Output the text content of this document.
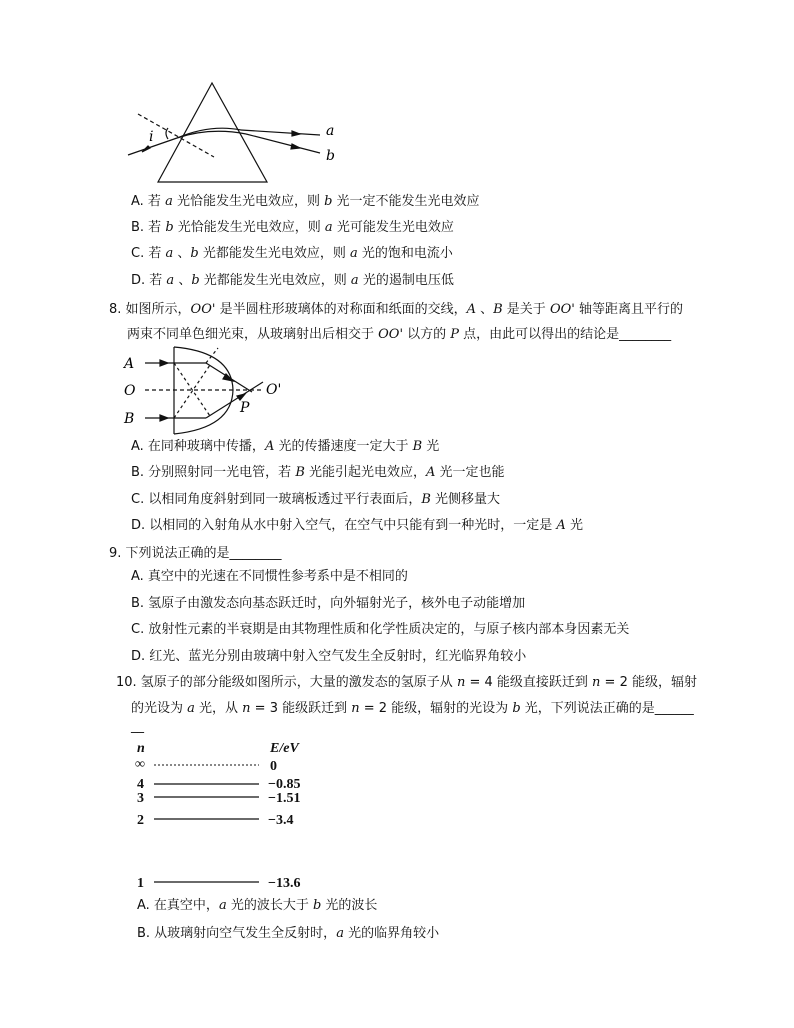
i	a
b
A. 若 a 光恰能发生光电效应，则 b 光一定不能发生光电效应
B. 若 b 光恰能发生光电效应，则 a 光可能发生光电效应
C. 若 a 、b 光都能发生光电效应，则 a 光的饱和电流小
D. 若 a 、b 光都能发生光电效应，则 a 光的遏制电压低
8. 如图所示，OO' 是半圆柱形玻璃体的对称面和纸面的交线，A 、B 是关于 OO' 轴等距离且平行的
两束不同单色细光束，从玻璃射出后相交于 OO' 以方的 P 点，由此可以得出的结论是________
A
O
B
O'
P
A. 在同种玻璃中传播，A 光的传播速度一定大于 B 光
B. 分别照射同一光电管，若 B 光能引起光电效应，A 光一定也能
C. 以相同角度斜射到同一玻璃板透过平行表面后，B 光侧移量大
D. 以相同的入射角从水中射入空气，在空气中只能有到一种光时，一定是 A 光
9. 下列说法正确的是________
A. 真空中的光速在不同惯性参考系中是不相同的
B. 氢原子由激发态向基态跃迁时，向外辐射光子，核外电子动能增加
C. 放射性元素的半衰期是由其物理性质和化学性质决定的，与原子核内部本身因素无关
D. 红光、蓝光分别由玻璃中射入空气发生全反射时，红光临界角较小
10. 氢原子的部分能级如图所示，大量的激发态的氢原子从 n = 4 能级直接跃迁到 n = 2 能级，辐射
的光设为 a 光，从 n = 3 能级跃迁到 n = 2 能级，辐射的光设为 b 光，下列说法正确的是______
__
n	E/eV
∞	0
4	−0.85
3	−1.51
2	−3.4
1	−13.6
A. 在真空中，a 光的波长大于 b 光的波长
B. 从玻璃射向空气发生全反射时，a 光的临界角较小
